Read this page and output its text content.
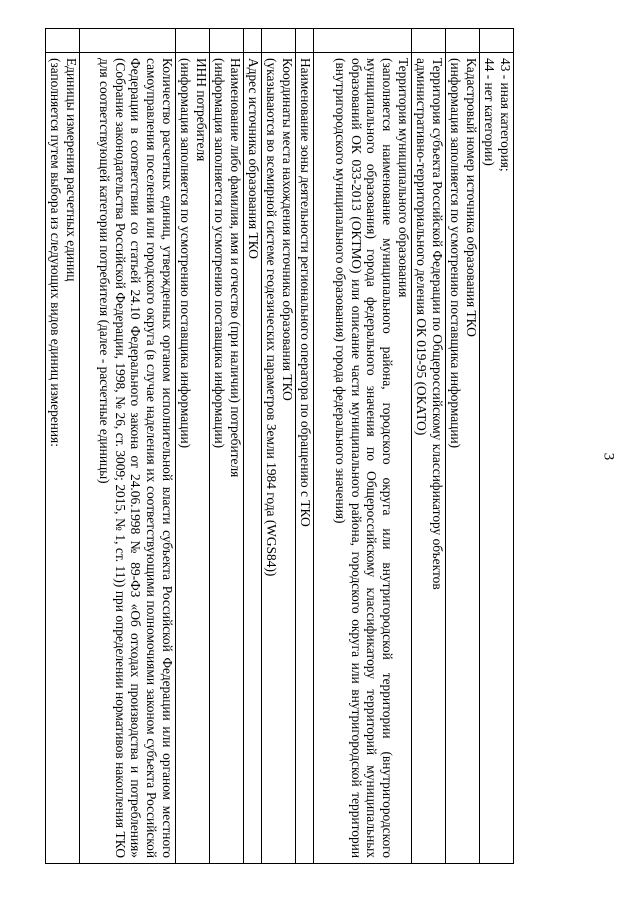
3

	43 - иная категория;
44 - нет категории)

	Кадастровый номер источника образования ТКО
(информация заполняется по усмотрению поставщика информации)

	Территория субъекта Российской Федерации по Общероссийскому классификатору объектов
административно-территориального деления ОК 019-95 (ОКАТО)

	Территория муниципального образования
(заполняется наименование муниципального района, городского округа или внутригородской территории (внутригородского муниципального образования) города федерального значения по Общероссийскому классификатору территорий муниципальных образований ОК 033-2013 (ОКТМО) или описание части муниципального района, городского округа или внутригородской территории (внутригородского муниципального образования) города федерального значения)

	Наименование зоны деятельности регионального оператора по обращению с ТКО

	Координаты места нахождения источника образования ТКО
(указываются во всемирной системе геодезических параметров Земли 1984 года (WGS84))

	Адрес источника образования ТКО

	Наименование либо фамилия, имя и отчество (при наличии) потребителя
(информация заполняется по усмотрению поставщика информации)

	ИНН потребителя
(информация заполняется по усмотрению поставщика информации)

	Количество расчетных единиц, утвержденных органом исполнительной власти субъекта Российской Федерации или органом местного самоуправления поселения или городского округа (в случае наделения их соответствующими полномочиями законом субъекта Российской Федерации в соответствии со статьей 24.10 Федерального закона от 24.06.1998 № 89-ФЗ «Об отходах производства и потребления» (Собрание законодательства Российской Федерации, 1998, № 26, ст. 3009; 2015, № 1, ст. 11)) при определении нормативов накопления ТКО для соответствующей категории потребителя (далее - расчетные единицы)

	Единицы измерения расчетных единиц
(заполняется путем выбора из следующих видов единиц измерения:
